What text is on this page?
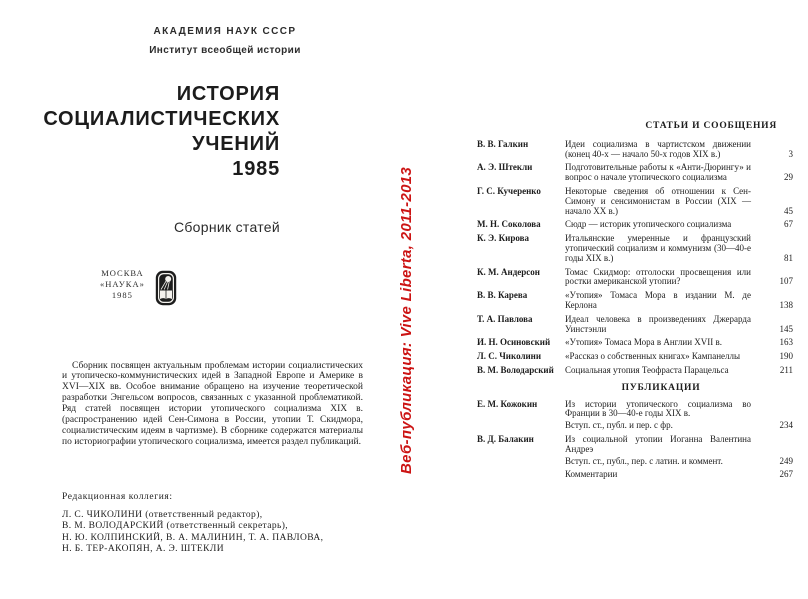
АКАДЕМИЯ НАУК СССР
Институт всеобщей истории
ИСТОРИЯ
СОЦИАЛИСТИЧЕСКИХ
УЧЕНИЙ
1985
Сборник статей
МОСКВА
«НАУКА»
1985

Сборник посвящен актуальным проблемам истории социалистических и утопическо-коммунистических идей в Западной Европе и Америке в XVI—XIX вв. Особое внимание обращено на изучение теоретической разработки Энгельсом вопросов, связанных с указанной проблематикой. Ряд статей посвящен истории утопического социализма XIX в. (распространению идей Сен-Симона в России, утопии Т. Скидмора, социалистическим идеям в чартизме). В сборнике содержатся материалы по историографии утопического социализма, имеется раздел публикаций.

Редакционная коллегия:
Л. С. ЧИКОЛИНИ (ответственный редактор),
В. М. ВОЛОДАРСКИЙ (ответственный секретарь),
Н. Ю. КОЛПИНСКИЙ, В. А. МАЛИНИН, Т. А. ПАВЛОВА,
Н. Б. ТЕР-АКОПЯН, А. Э. ШТЕКЛИ
Веб-публикация: Vive Liberta, 2011-2013
СТАТЬИ И СООБЩЕНИЯ
В. В. Галкин	Идеи социализма в чартистском движении (конец 40-х — начало 50-х годов XIX в.)	3
А. Э. Штекли	Подготовительные работы к «Анти-Дюрингу» и вопрос о начале утопического социализма	29
Г. С. Кучеренко	Некоторые сведения об отношении к Сен-Симону и сенсимонистам в России (XIX — начало XX в.)	45
М. Н. Соколова	Сюдр — историк утопического социализма	67
К. Э. Кирова	Итальянские умеренные и французский утопический социализм и коммунизм (30—40-е годы XIX в.)	81
К. М. Андерсон	Томас Скидмор: отголоски просвещения или ростки американской утопии?	107
В. В. Карева	«Утопия» Томаса Мора в издании М. де Керлона	138
Т. А. Павлова	Идеал человека в произведениях Джерарда Уинстэнли	145
И. Н. Осиновский	«Утопия» Томаса Мора в Англии XVII в.	163
Л. С. Чиколини	«Рассказ о собственных книгах» Кампанеллы	190
В. М. Володарский	Социальная утопия Теофраста Парацельса	211
ПУБЛИКАЦИИ
Е. М. Кожокин	Из истории утопического социализма во Франции в 30—40-е годы XIX в.
Вступ. ст., публ. и пер. с фр.	234
В. Д. Балакин	Из социальной утопии Иоганна Валентина Андреэ
Вступ. ст., публ., пер. с латин. и коммент.	249
Комментарии	267
